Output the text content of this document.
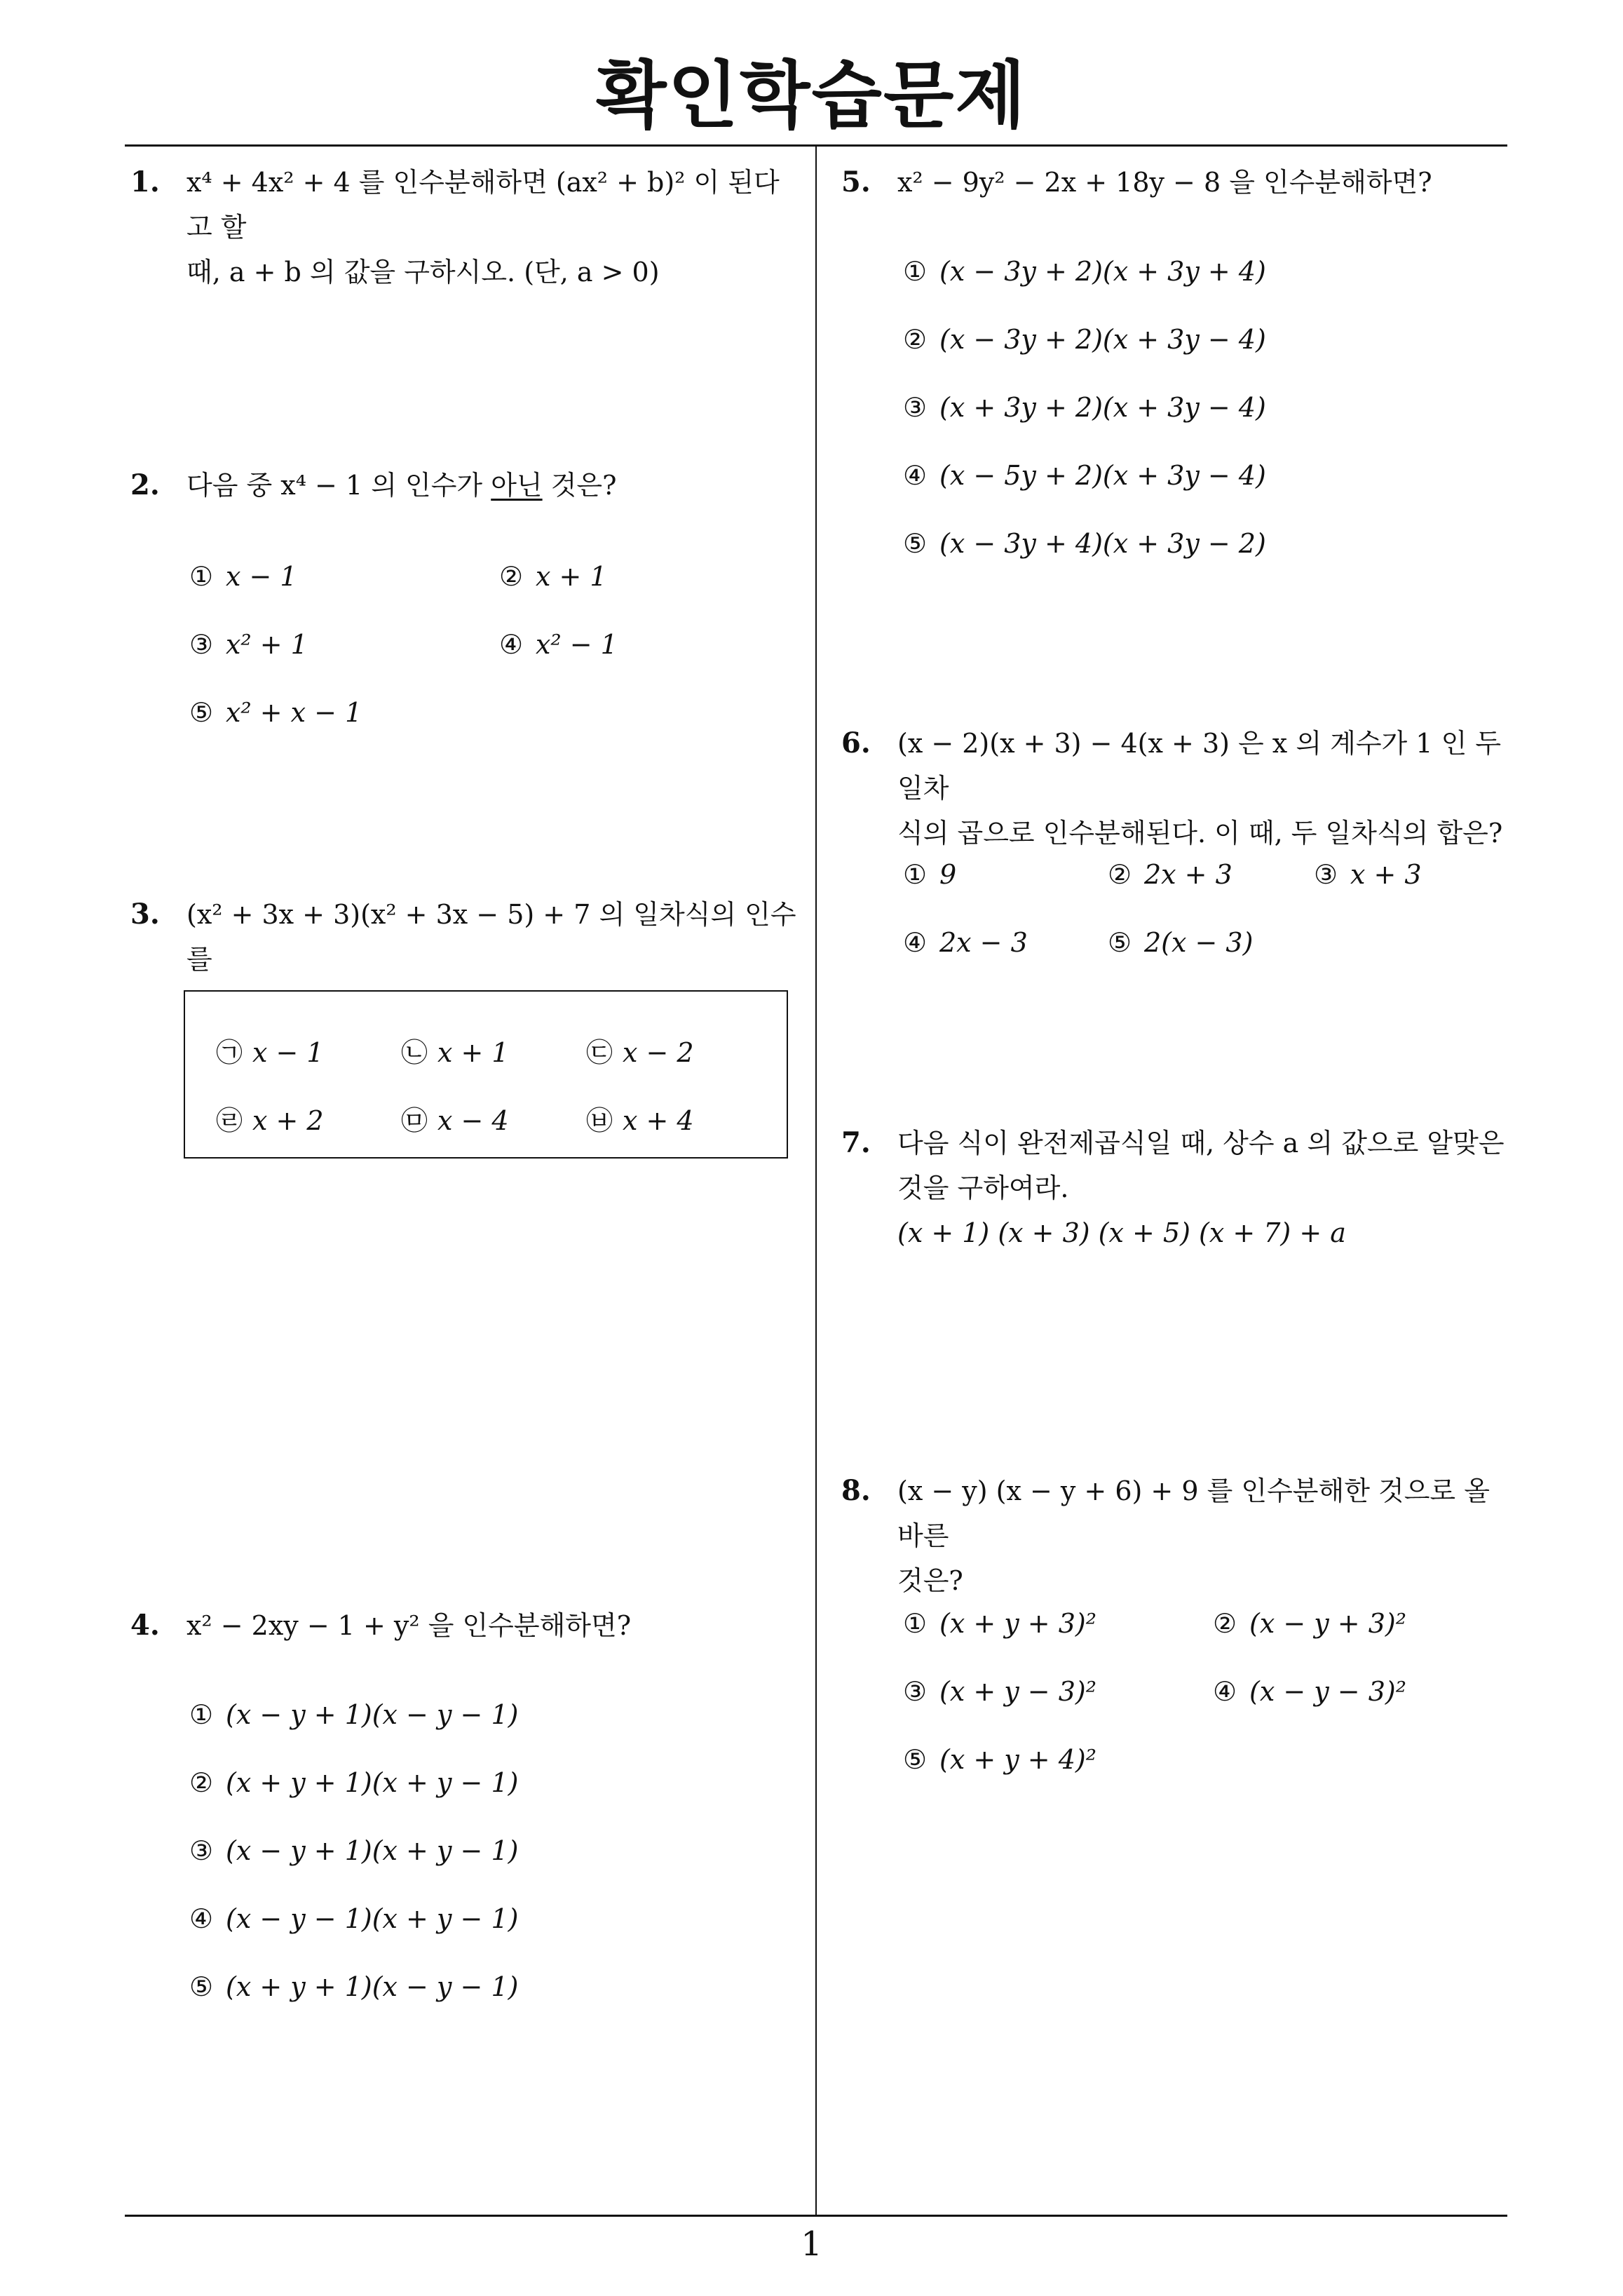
확인학습문제
1
1. x⁴ + 4x² + 4 를 인수분해하면 (ax² + b)² 이 된다고 할
때, a + b 의 값을 구하시오. (단, a > 0)
2. 다음 중 x⁴ − 1 의 인수가 아닌 것은?
① x − 1	② x + 1
③ x² + 1	④ x² − 1
⑤ x² + x − 1
3. (x² + 3x + 3)(x² + 3x − 5) + 7 의 일차식의 인수를
㉠ x − 1	㉡ x + 1	㉢ x − 2
㉣ x + 2	㉤ x − 4	㉥ x + 4
4. x² − 2xy − 1 + y² 을 인수분해하면?
① (x − y + 1)(x − y − 1)
② (x + y + 1)(x + y − 1)
③ (x − y + 1)(x + y − 1)
④ (x − y − 1)(x + y − 1)
⑤ (x + y + 1)(x − y − 1)
5. x² − 9y² − 2x + 18y − 8 을 인수분해하면?
① (x − 3y + 2)(x + 3y + 4)
② (x − 3y + 2)(x + 3y − 4)
③ (x + 3y + 2)(x + 3y − 4)
④ (x − 5y + 2)(x + 3y − 4)
⑤ (x − 3y + 4)(x + 3y − 2)
6. (x − 2)(x + 3) − 4(x + 3) 은 x 의 계수가 1 인 두 일차
식의 곱으로 인수분해된다. 이 때, 두 일차식의 합은?
① 9	② 2x + 3	③ x + 3
④ 2x − 3	⑤ 2(x − 3)
7. 다음 식이 완전제곱식일 때, 상수 a 의 값으로 알맞은
것을 구하여라.
(x + 1) (x + 3) (x + 5) (x + 7) + a
8. (x − y) (x − y + 6) + 9 를 인수분해한 것으로 올바른
것은?
① (x + y + 3)²	② (x − y + 3)²
③ (x + y − 3)²	④ (x − y − 3)²
⑤ (x + y + 4)²
